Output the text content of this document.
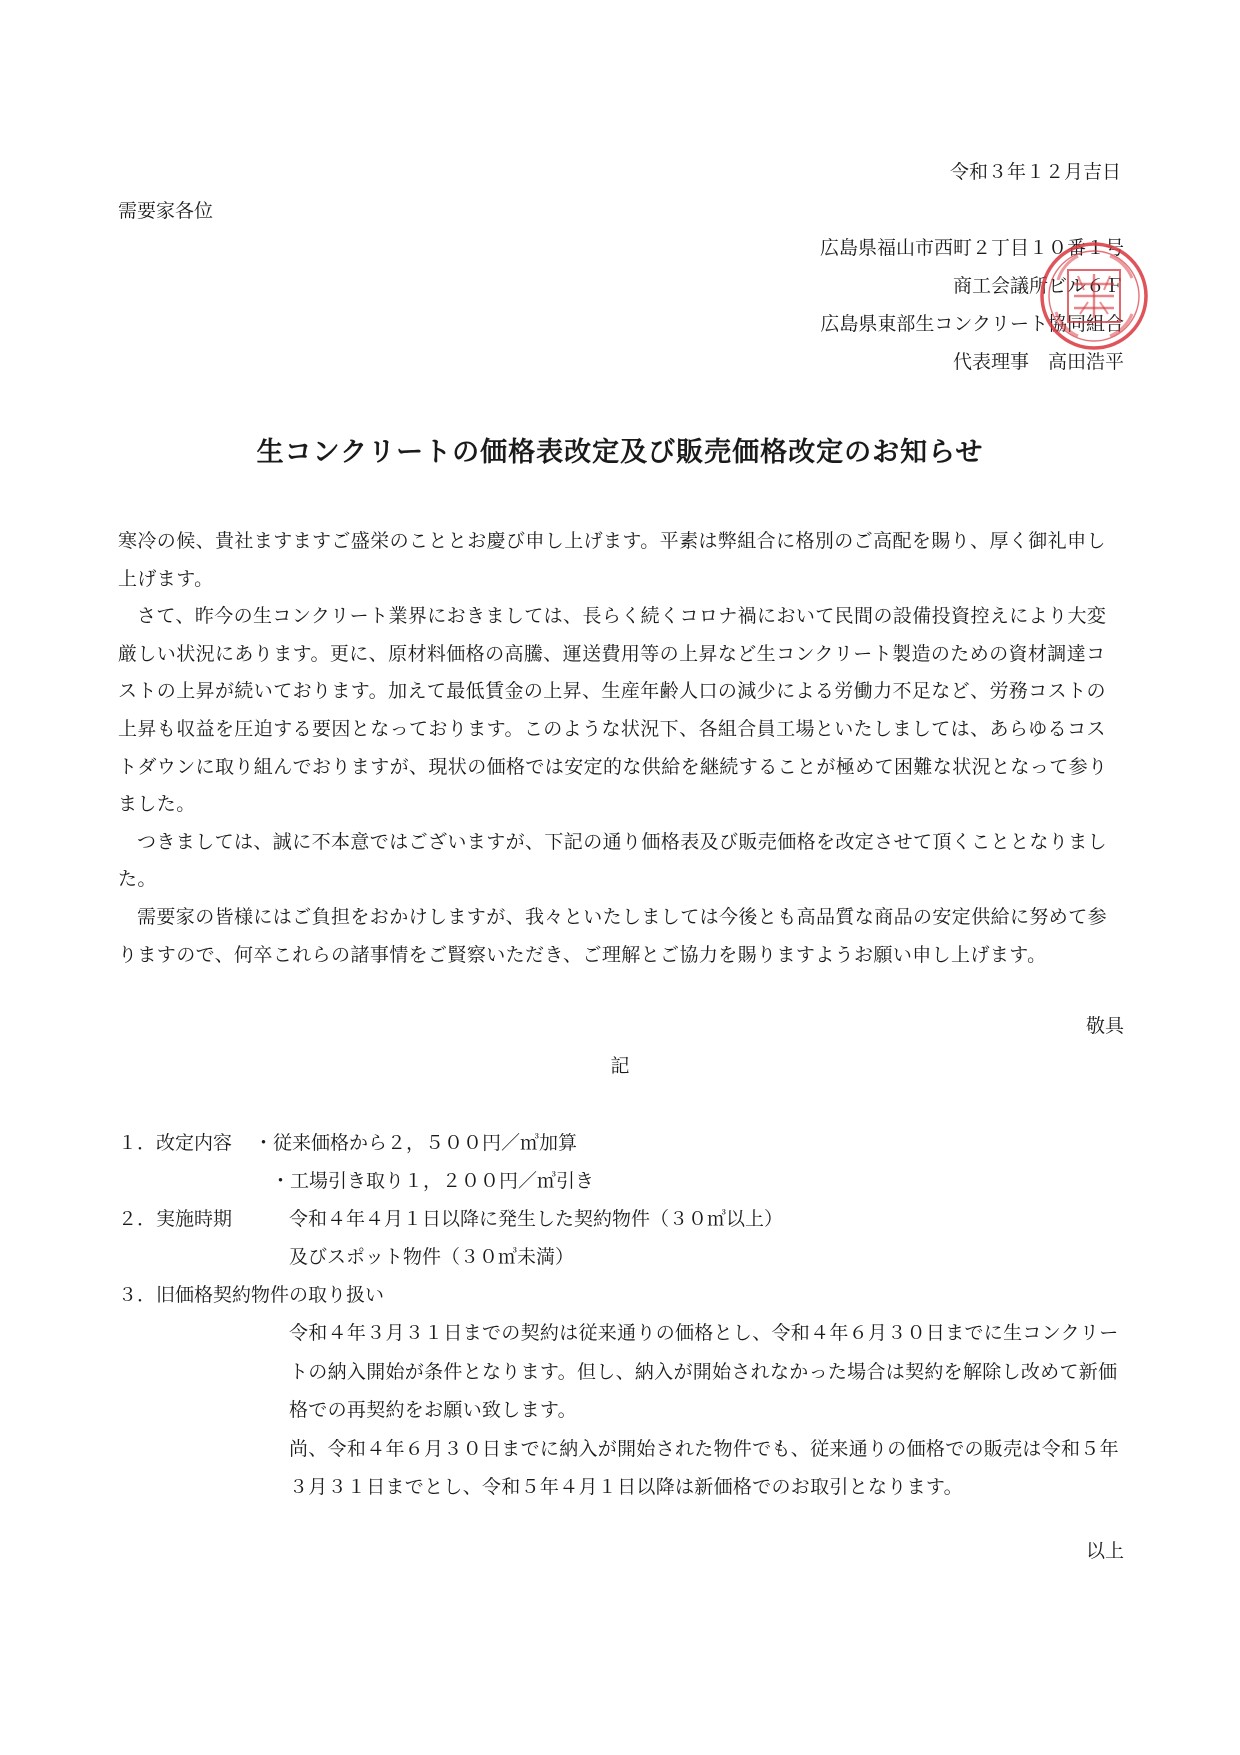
令和３年１２月吉日
需要家各位
広島県福山市西町２丁目１０番１号
商工会議所ビル６Ｆ
広島県東部生コンクリート協同組合
代表理事　高田浩平
生コンクリートの価格表改定及び販売価格改定のお知らせ

寒冷の候、貴社ますますご盛栄のこととお慶び申し上げます。平素は弊組合に格別のご高配を賜り、厚く御礼申し上げます。

さて、昨今の生コンクリート業界におきましては、長らく続くコロナ禍において民間の設備投資控えにより大変厳しい状況にあります。更に、原材料価格の高騰、運送費用等の上昇など生コンクリート製造のための資材調達コストの上昇が続いております。加えて最低賃金の上昇、生産年齢人口の減少による労働力不足など、労務コストの上昇も収益を圧迫する要因となっております。このような状況下、各組合員工場といたしましては、あらゆるコストダウンに取り組んでおりますが、現状の価格では安定的な供給を継続することが極めて困難な状況となって参りました。

つきましては、誠に不本意ではございますが、下記の通り価格表及び販売価格を改定させて頂くこととなりました。

需要家の皆様にはご負担をおかけしますが、我々といたしましては今後とも高品質な商品の安定供給に努めて参りますので、何卒これらの諸事情をご賢察いただき、ご理解とご協力を賜りますようお願い申し上げます。

敬具
記
１．改定内容 ・従来価格から２，５００円／㎥加算
・工場引き取り１，２００円／㎥引き
２．実施時期	令和４年４月１日以降に発生した契約物件（３０㎥以上）
及びスポット物件（３０㎥未満）
３．旧価格契約物件の取り扱い

令和４年３月３１日までの契約は従来通りの価格とし、令和４年６月３０日までに生コンクリートの納入開始が条件となります。但し、納入が開始されなかった場合は契約を解除し改めて新価格での再契約をお願い致します。

尚、令和４年６月３０日までに納入が開始された物件でも、従来通りの価格での販売は令和５年３月３１日までとし、令和５年４月１日以降は新価格でのお取引となります。

以上
